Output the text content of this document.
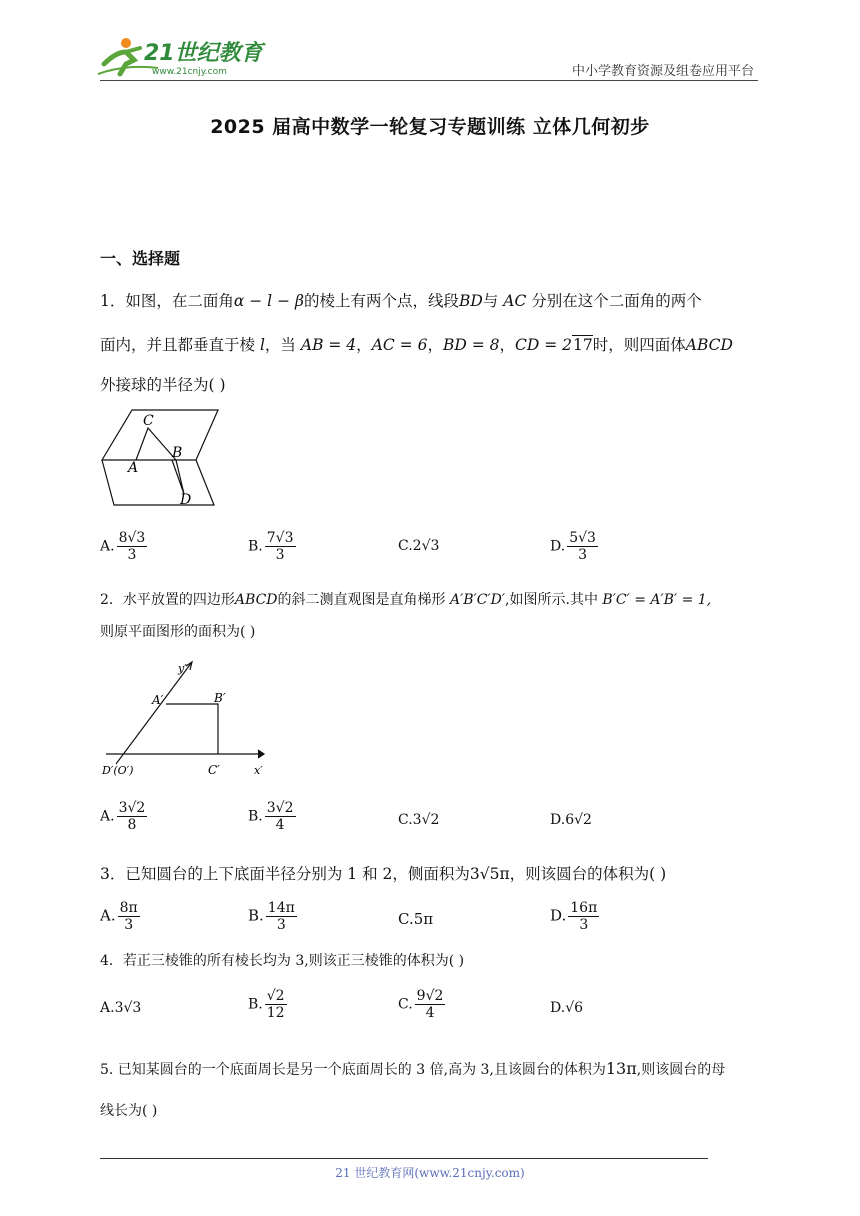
21世纪教育
www.21cnjy.com	中小学教育资源及组卷应用平台
2025 届高中数学一轮复习专题训练 立体几何初步
一、选择题
1．如图，在二面角α − l − β的棱上有两个点，线段BD与 AC 分别在这个二面角的两个
面内，并且都垂直于棱 l，当 AB = 4，AC = 6，BD = 8，CD = 217时，则四面体ABCD
外接球的半径为( )
C
B
A
D
A. $\frac{8√3}{3}$	B. $\frac{7√3}{3}$	C.2√3	D. $\frac{5√3}{3}$
2．水平放置的四边形ABCD的斜二测直观图是直角梯形 A′B′C′D′,如图所示.其中 B′C′ = A′B′ = 1,
则原平面图形的面积为( )
y′
A′	B′
D′(O′)	C′	x′
A. $\frac{3√2}{8}$	B. $\frac{3√2}{4}$	C.3√2	D.6√2
3．已知圆台的上下底面半径分别为 1 和 2，侧面积为3√5π，则该圆台的体积为( )
A. $\frac{8\pi}{3}$	B. $\frac{14\pi}{3}$	C.5π	D. $\frac{16\pi}{3}$
4．若正三棱锥的所有棱长均为 3,则该正三棱锥的体积为( )
A.3√3	B. $\frac{√2}{12}$	C. $\frac{9√2}{4}$	D.√6
5. 已知某圆台的一个底面周长是另一个底面周长的 3 倍,高为 3,且该圆台的体积为13π,则该圆台的母
线长为( )
21 世纪教育网(www.21cnjy.com)
